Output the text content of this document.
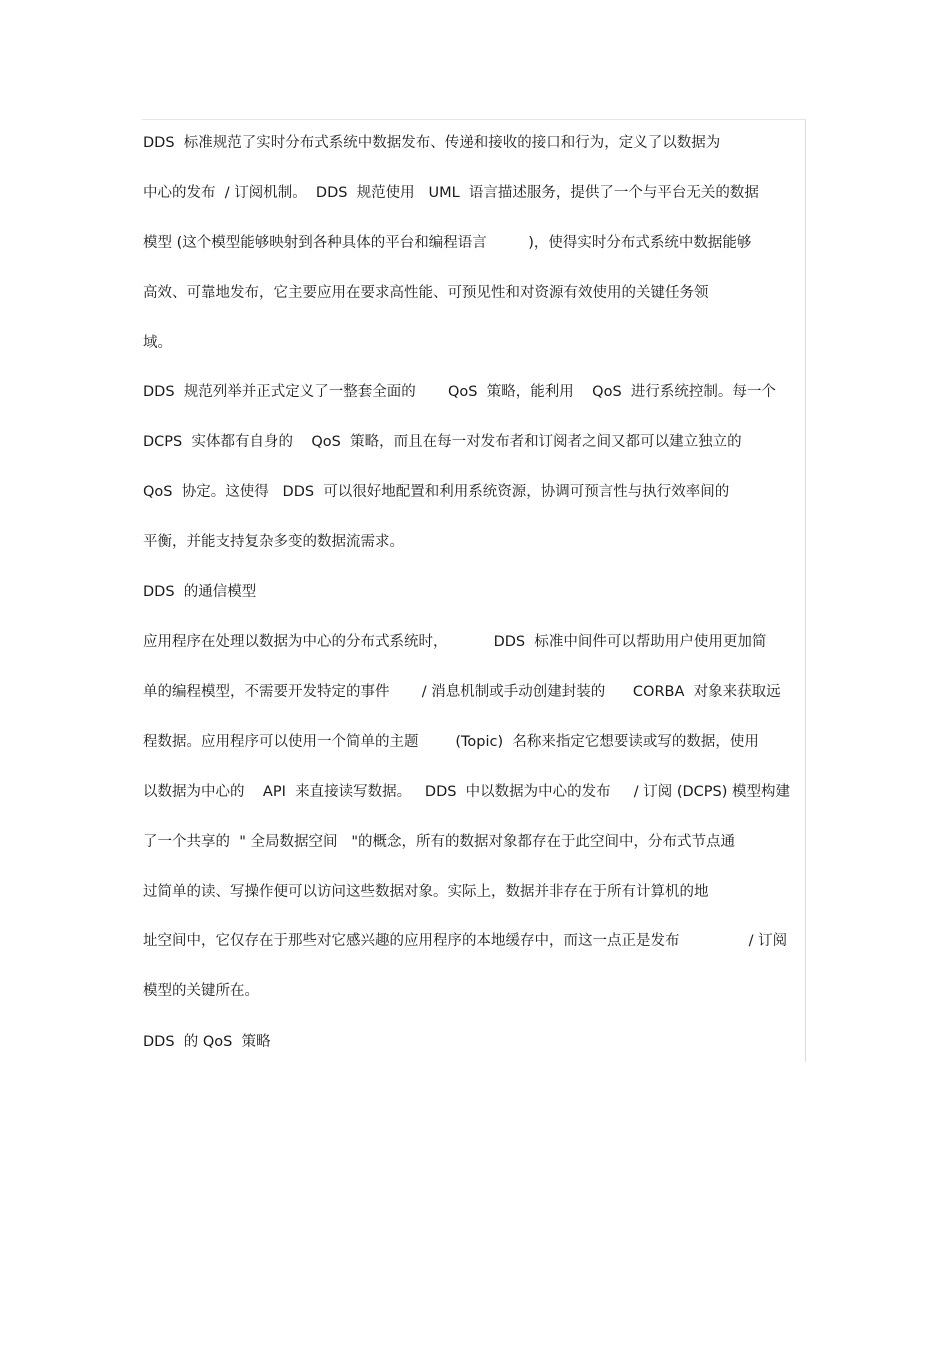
DDS  标准规范了实时分布式系统中数据发布、传递和接收的接口和行为，定义了以数据为

中心的发布  / 订阅机制。  DDS  规范使用   UML  语言描述服务，提供了一个与平台无关的数据

模型 (这个模型能够映射到各种具体的平台和编程语言         )，使得实时分布式系统中数据能够

高效、可靠地发布，它主要应用在要求高性能、可预见性和对资源有效使用的关键任务领

域。

DDS  规范列举并正式定义了一整套全面的       QoS  策略，能利用    QoS  进行系统控制。每一个

DCPS  实体都有自身的    QoS  策略，而且在每一对发布者和订阅者之间又都可以建立独立的

QoS  协定。这使得   DDS  可以很好地配置和利用系统资源，协调可预言性与执行效率间的

平衡，并能支持复杂多变的数据流需求。

DDS  的通信模型

应用程序在处理以数据为中心的分布式系统时，          DDS  标准中间件可以帮助用户使用更加简

单的编程模型，不需要开发特定的事件       / 消息机制或手动创建封装的      CORBA  对象来获取远

程数据。应用程序可以使用一个简单的主题        (Topic)  名称来指定它想要读或写的数据，使用

以数据为中心的    API  来直接读写数据。   DDS  中以数据为中心的发布     / 订阅 (DCPS) 模型构建

了一个共享的  " 全局数据空间   "的概念，所有的数据对象都存在于此空间中，分布式节点通

过简单的读、写操作便可以访问这些数据对象。实际上，数据并非存在于所有计算机的地

址空间中，它仅存在于那些对它感兴趣的应用程序的本地缓存中，而这一点正是发布               / 订阅

模型的关键所在。

DDS  的 QoS  策略
